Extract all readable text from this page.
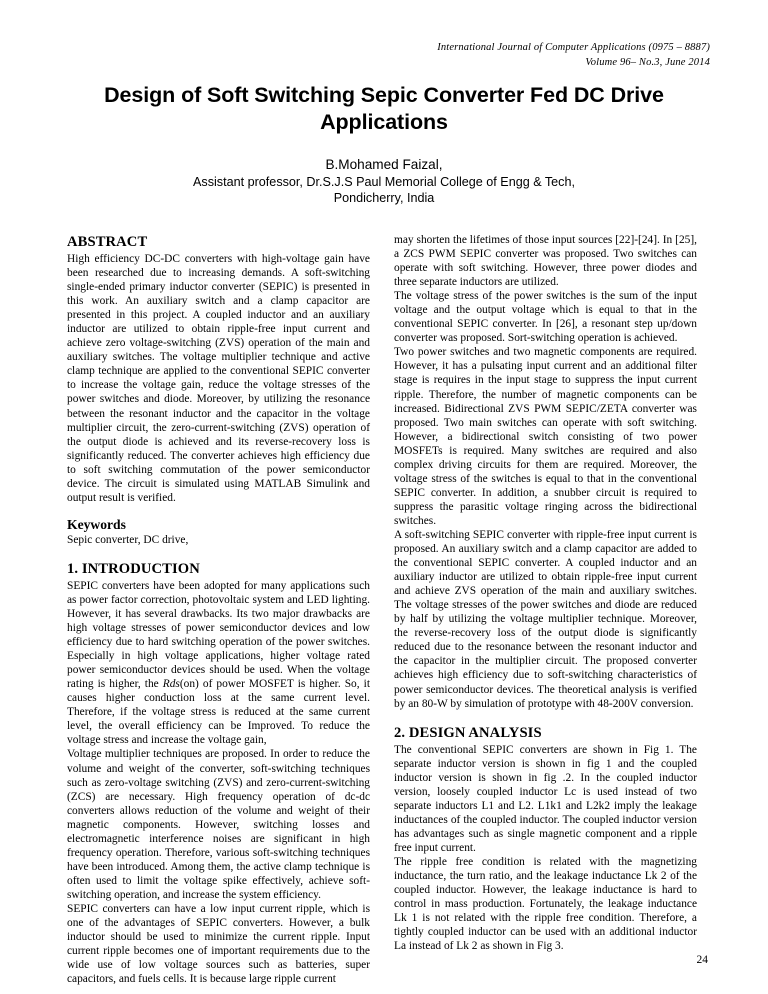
International Journal of Computer Applications (0975 – 8887)
Volume 96– No.3, June 2014
Design of Soft Switching Sepic Converter Fed DC Drive Applications
B.Mohamed Faizal,
Assistant professor, Dr.S.J.S Paul Memorial College of Engg & Tech,
Pondicherry, India
ABSTRACT

High efficiency DC-DC converters with high-voltage gain have been researched due to increasing demands. A soft-switching single-ended primary inductor converter (SEPIC) is presented in this work. An auxiliary switch and a clamp capacitor are presented in this project. A coupled inductor and an auxiliary inductor are utilized to obtain ripple-free input current and achieve zero voltage-switching (ZVS) operation of the main and auxiliary switches. The voltage multiplier technique and active clamp technique are applied to the conventional SEPIC converter to increase the voltage gain, reduce the voltage stresses of the power switches and diode. Moreover, by utilizing the resonance between the resonant inductor and the capacitor in the voltage multiplier circuit, the zero-current-switching (ZVS) operation of the output diode is achieved and its reverse-recovery loss is significantly reduced. The converter achieves high efficiency due to soft switching commutation of the power semiconductor device. The circuit is simulated using MATLAB Simulink and output result is verified.

Keywords

Sepic converter, DC drive,

1. INTRODUCTION

SEPIC converters have been adopted for many applications such as power factor correction, photovoltaic system and LED lighting. However, it has several drawbacks. Its two major drawbacks are high voltage stresses of power semiconductor devices and low efficiency due to hard switching operation of the power switches. Especially in high voltage applications, higher voltage rated power semiconductor devices should be used. When the voltage rating is higher, the Rds(on) of power MOSFET is higher. So, it causes higher conduction loss at the same current level. Therefore, if the voltage stress is reduced at the same current level, the overall efficiency can be Improved. To reduce the voltage stress and increase the voltage gain,

Voltage multiplier techniques are proposed. In order to reduce the volume and weight of the converter, soft-switching techniques such as zero-voltage switching (ZVS) and zero-current-switching (ZCS) are necessary. High frequency operation of dc-dc converters allows reduction of the volume and weight of their magnetic components. However, switching losses and electromagnetic interference noises are significant in high frequency operation. Therefore, various soft-switching techniques have been introduced. Among them, the active clamp technique is often used to limit the voltage spike effectively, achieve soft-switching operation, and increase the system efficiency.

SEPIC converters can have a low input current ripple, which is one of the advantages of SEPIC converters. However, a bulk inductor should be used to minimize the current ripple. Input current ripple becomes one of important requirements due to the wide use of low voltage sources such as batteries, super capacitors, and fuels cells. It is because large ripple current

may shorten the lifetimes of those input sources [22]-[24]. In [25], a ZCS PWM SEPIC converter was proposed. Two switches can operate with soft switching. However, three power diodes and three separate inductors are utilized.

The voltage stress of the power switches is the sum of the input voltage and the output voltage which is equal to that in the conventional SEPIC converter. In [26], a resonant step up/down converter was proposed. Sort-switching operation is achieved.

Two power switches and two magnetic components are required. However, it has a pulsating input current and an additional filter stage is requires in the input stage to suppress the input current ripple. Therefore, the number of magnetic components can be increased. Bidirectional ZVS PWM SEPIC/ZETA converter was proposed. Two main switches can operate with soft switching. However, a bidirectional switch consisting of two power MOSFETs is required. Many switches are required and also complex driving circuits for them are required. Moreover, the voltage stress of the switches is equal to that in the conventional SEPIC converter. In addition, a snubber circuit is required to suppress the parasitic voltage ringing across the bidirectional switches.

A soft-switching SEPIC converter with ripple-free input current is proposed. An auxiliary switch and a clamp capacitor are added to the conventional SEPIC converter. A coupled inductor and an auxiliary inductor are utilized to obtain ripple-free input current and achieve ZVS operation of the main and auxiliary switches. The voltage stresses of the power switches and diode are reduced by half by utilizing the voltage multiplier technique. Moreover, the reverse-recovery loss of the output diode is significantly reduced due to the resonance between the resonant inductor and the capacitor in the multiplier circuit. The proposed converter achieves high efficiency due to soft-switching characteristics of power semiconductor devices. The theoretical analysis is verified by an 80-W by simulation of prototype with 48-200V conversion.

2. DESIGN ANALYSIS

The conventional SEPIC converters are shown in Fig 1. The separate inductor version is shown in fig 1 and the coupled inductor version is shown in fig .2. In the coupled inductor version, loosely coupled inductor Lc is used instead of two separate inductors L1 and L2. L1k1 and L2k2 imply the leakage inductances of the coupled inductor. The coupled inductor version has advantages such as single magnetic component and a ripple free input current.

The ripple free condition is related with the magnetizing inductance, the turn ratio, and the leakage inductance Lk 2 of the coupled inductor. However, the leakage inductance is hard to control in mass production. Fortunately, the leakage inductance Lk 1 is not related with the ripple free condition. Therefore, a tightly coupled inductor can be used with an additional inductor La instead of Lk 2 as shown in Fig 3.

24
